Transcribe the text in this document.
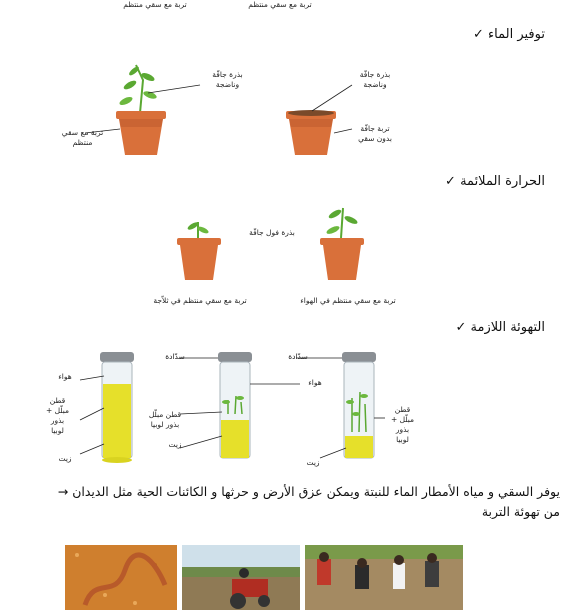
تربة مع سقي منتظم	تربة مع سقي منتظم
توفير الماء ✓
بذرة جافّة
وناضجة
تربة مع سقي
منتظم
بذرة جافّة
وناضجة
تربة جافّة
بدون سقي
الحرارة الملائمة ✓
بذرة فول جافّة
تربة مع سقي منتظم في ثلاّجة	تربة مع سقي منتظم في الهواء
التهوئة اللازمة ✓
هواء
قطن
مبلّل +
بذور
لوبيا
زيت
سدّادة
قطن مبلّل
بذور لوبيا
زيت
سدّادة
هواء
قطن
مبلّل +
بذور
لوبيا
زيت
يوفر السقي و مياه الأمطار الماء للنبتة ويمكن عزق الأرض و حرثها و الكائنات الحية مثل الديدان →
من تهوئة التربة
